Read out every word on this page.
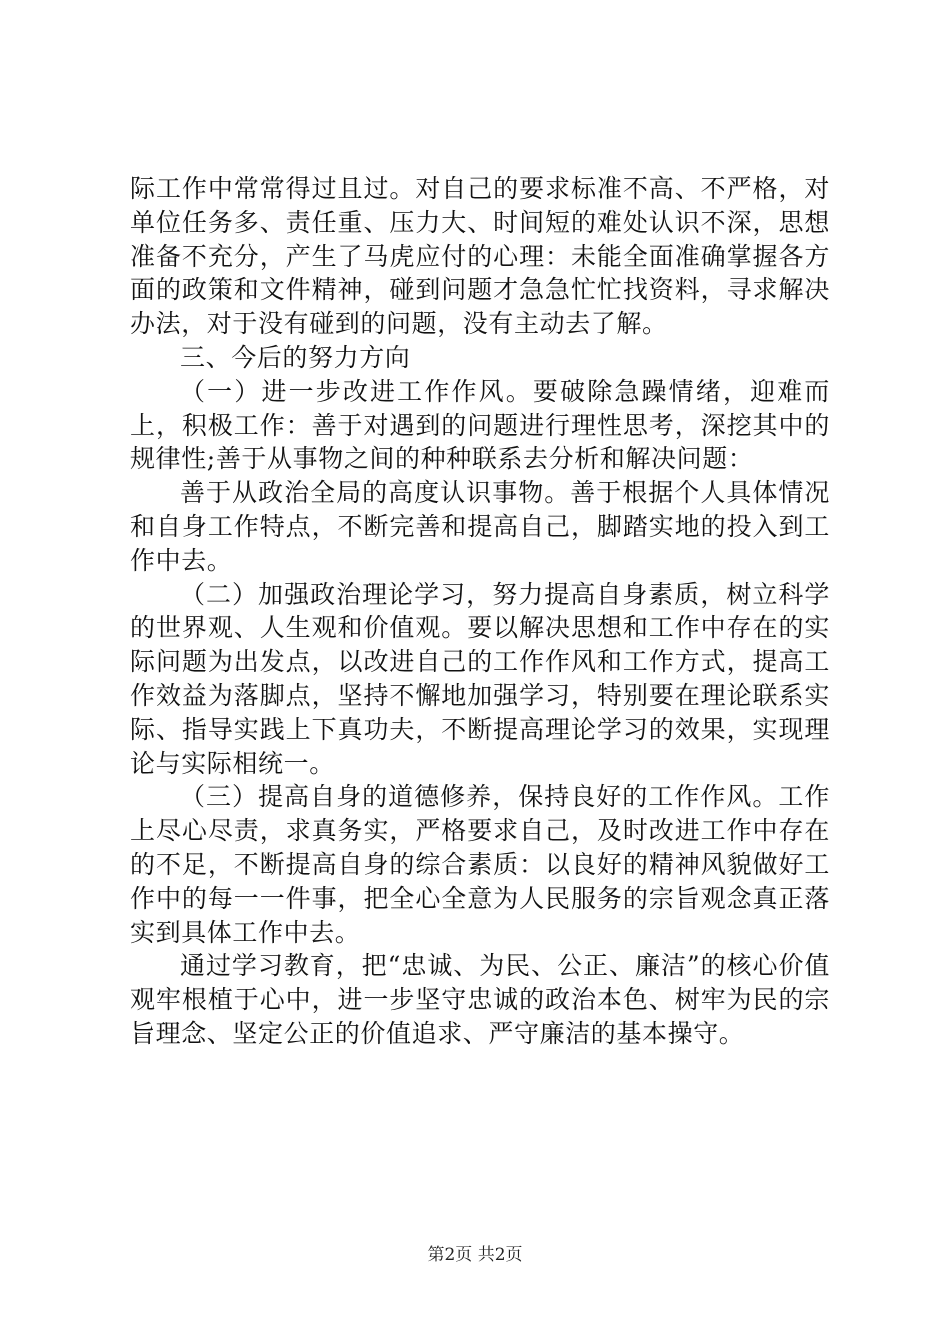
际工作中常常得过且过。对自己的要求标准不高、不严格，对单位任务多、责任重、压力大、时间短的难处认识不深，思想准备不充分，产生了马虎应付的心理：未能全面准确掌握各方面的政策和文件精神，碰到问题才急急忙忙找资料，寻求解决办法，对于没有碰到的问题，没有主动去了解。

三、今后的努力方向

（一）进一步改进工作作风。要破除急躁情绪，迎难而上，积极工作：善于对遇到的问题进行理性思考，深挖其中的规律性;善于从事物之间的种种联系去分析和解决问题：

善于从政治全局的高度认识事物。善于根据个人具体情况和自身工作特点，不断完善和提高自己，脚踏实地的投入到工作中去。

（二）加强政治理论学习，努力提高自身素质，树立科学的世界观、人生观和价值观。要以解决思想和工作中存在的实际问题为出发点，以改进自己的工作作风和工作方式，提高工作效益为落脚点，坚持不懈地加强学习，特别要在理论联系实际、指导实践上下真功夫，不断提高理论学习的效果，实现理论与实际相统一。

（三）提高自身的道德修养，保持良好的工作作风。工作上尽心尽责，求真务实，严格要求自己，及时改进工作中存在的不足，不断提高自身的综合素质：以良好的精神风貌做好工作中的每一一件事，把全心全意为人民服务的宗旨观念真正落实到具体工作中去。

通过学习教育，把“忠诚、为民、公正、廉洁”的核心价值观牢根植于心中，进一步坚守忠诚的政治本色、树牢为民的宗旨理念、坚定公正的价值追求、严守廉洁的基本操守。

第2页 共2页
